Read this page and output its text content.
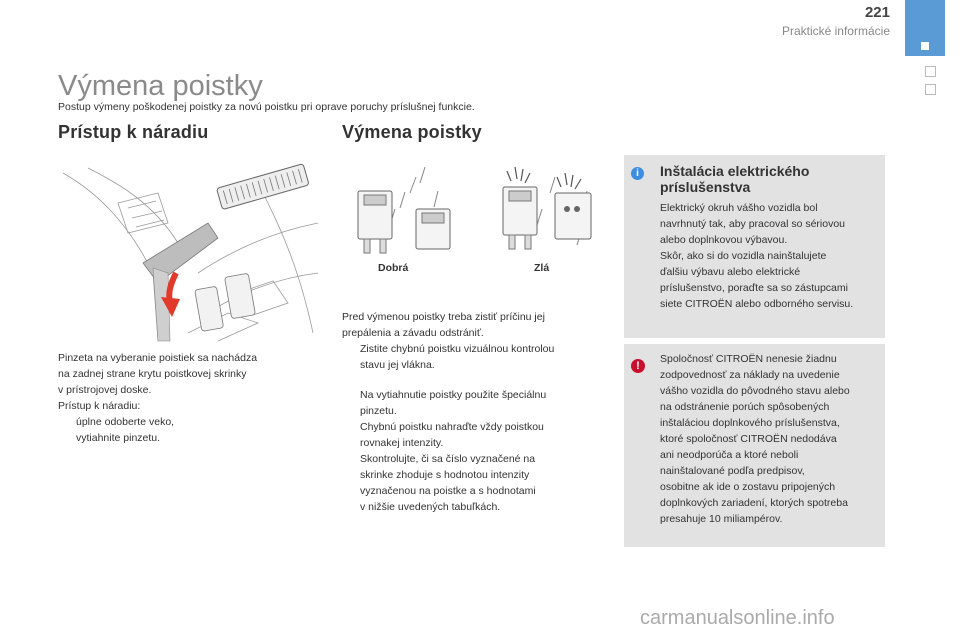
221
Praktické informácie
Výmena poistky
Postup výmeny poškodenej poistky za novú poistku pri oprave poruchy príslušnej funkcie.
Prístup k náradiu

Pinzeta na vyberanie poistiek sa nachádza

na zadnej strane krytu poistkovej skrinky

v prístrojovej doske.

Prístup k náradiu:

úplne odoberte veko,
vytiahnite pinzetu.
Výmena poistky
Dobrá	Zlá

Pred výmenou poistky treba zistiť príčinu jej

prepálenia a závadu odstrániť.

Zistite chybnú poistku vizuálnou kontrolou

stavu jej vlákna.

Na vytiahnutie poistky použite špeciálnu

pinzetu.

Chybnú poistku nahraďte vždy poistkou

rovnakej intenzity.

Skontrolujte, či sa číslo vyznačené na

skrinke zhoduje s hodnotou intenzity

vyznačenou na poistke a s hodnotami

v nižšie uvedených tabuľkách.

i	Inštalácia elektrického
príslušenstva
Elektrický okruh vášho vozidla bol
navrhnutý tak, aby pracoval so sériovou
alebo doplnkovou výbavou.
Skôr, ako si do vozidla nainštalujete
ďalšiu výbavu alebo elektrické
príslušenstvo, poraďte sa so zástupcami
siete CITROËN alebo odborného servisu.
!
Spoločnosť CITROËN nenesie žiadnu
zodpovednosť za náklady na uvedenie
vášho vozidla do pôvodného stavu alebo
na odstránenie porúch spôsobených
inštaláciou doplnkového príslušenstva,
ktoré spoločnosť CITROËN nedodáva
ani neodporúča a ktoré neboli
nainštalované podľa predpisov,
osobitne ak ide o zostavu pripojených
doplnkových zariadení, ktorých spotreba
presahuje 10 miliampérov.
carmanualsonline.info
